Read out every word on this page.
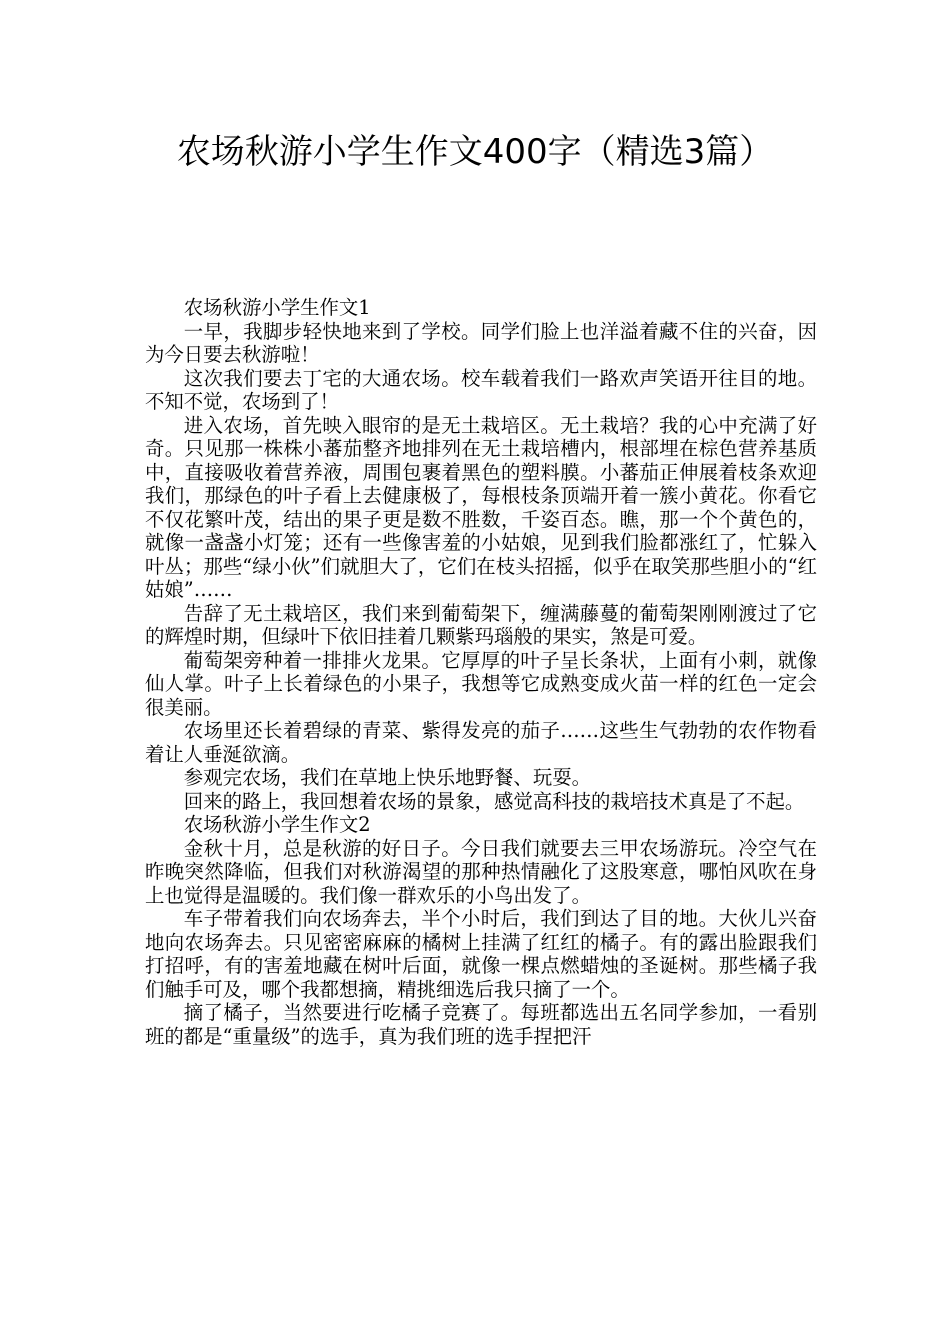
农场秋游小学生作文400字（精选3篇）

农场秋游小学生作文1

一早，我脚步轻快地来到了学校。同学们脸上也洋溢着藏不住的兴奋，因为今日要去秋游啦！

这次我们要去丁宅的大通农场。校车载着我们一路欢声笑语开往目的地。不知不觉，农场到了！

进入农场，首先映入眼帘的是无土栽培区。无土栽培？我的心中充满了好奇。只见那一株株小蕃茄整齐地排列在无土栽培槽内，根部埋在棕色营养基质中，直接吸收着营养液，周围包裹着黑色的塑料膜。小蕃茄正伸展着枝条欢迎我们，那绿色的叶子看上去健康极了，每根枝条顶端开着一簇小黄花。你看它不仅花繁叶茂，结出的果子更是数不胜数，千姿百态。瞧，那一个个黄色的，就像一盏盏小灯笼；还有一些像害羞的小姑娘，见到我们脸都涨红了，忙躲入叶丛；那些“绿小伙”们就胆大了，它们在枝头招摇，似乎在取笑那些胆小的“红姑娘”……

告辞了无土栽培区，我们来到葡萄架下，缠满藤蔓的葡萄架刚刚渡过了它的辉煌时期，但绿叶下依旧挂着几颗紫玛瑙般的果实，煞是可爱。

葡萄架旁种着一排排火龙果。它厚厚的叶子呈长条状，上面有小刺，就像仙人掌。叶子上长着绿色的小果子，我想等它成熟变成火苗一样的红色一定会很美丽。

农场里还长着碧绿的青菜、紫得发亮的茄子……这些生气勃勃的农作物看着让人垂涎欲滴。

参观完农场，我们在草地上快乐地野餐、玩耍。

回来的路上，我回想着农场的景象，感觉高科技的栽培技术真是了不起。

农场秋游小学生作文2

金秋十月，总是秋游的好日子。今日我们就要去三甲农场游玩。冷空气在昨晚突然降临，但我们对秋游渴望的那种热情融化了这股寒意，哪怕风吹在身上也觉得是温暖的。我们像一群欢乐的小鸟出发了。

车子带着我们向农场奔去，半个小时后，我们到达了目的地。大伙儿兴奋地向农场奔去。只见密密麻麻的橘树上挂满了红红的橘子。有的露出脸跟我们打招呼，有的害羞地藏在树叶后面，就像一棵点燃蜡烛的圣诞树。那些橘子我们触手可及，哪个我都想摘，精挑细选后我只摘了一个。

摘了橘子，当然要进行吃橘子竞赛了。每班都选出五名同学参加，一看别班的都是“重量级”的选手，真为我们班的选手捏把汗
